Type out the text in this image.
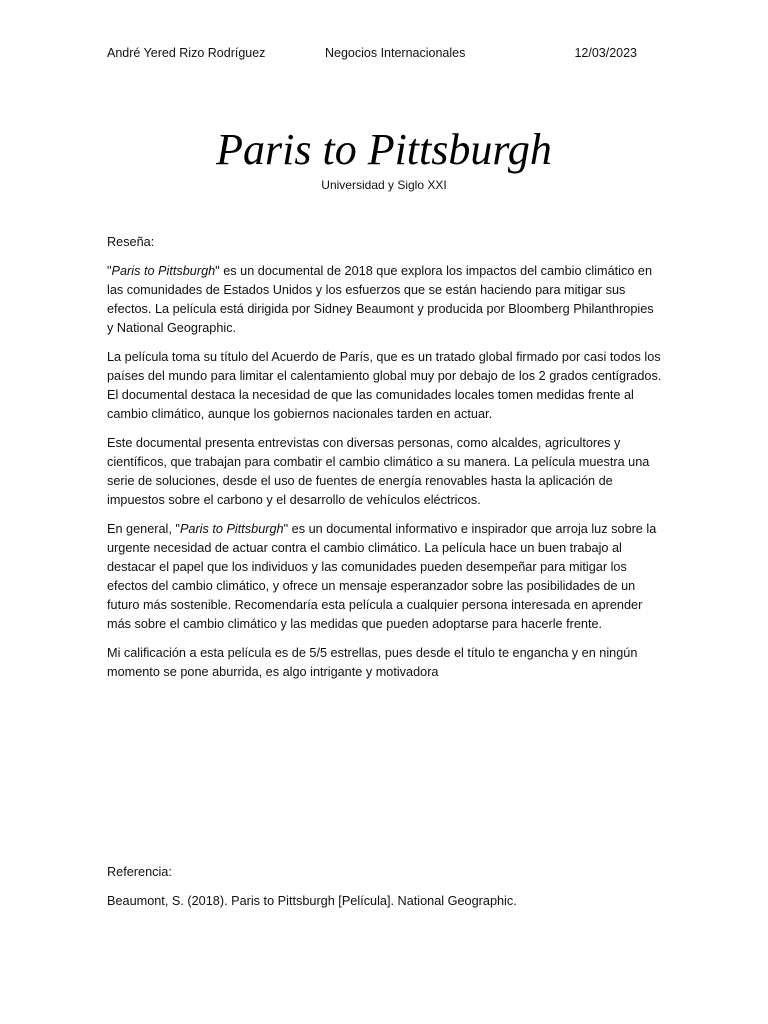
André Yered Rizo Rodríguez	Negocios Internacionales	12/03/2023
Paris to Pittsburgh
Universidad y Siglo XXI

Reseña:

"Paris to Pittsburgh" es un documental de 2018 que explora los impactos del cambio climático en las comunidades de Estados Unidos y los esfuerzos que se están haciendo para mitigar sus efectos. La película está dirigida por Sidney Beaumont y producida por Bloomberg Philanthropies y National Geographic.

La película toma su título del Acuerdo de París, que es un tratado global firmado por casi todos los países del mundo para limitar el calentamiento global muy por debajo de los 2 grados centígrados. El documental destaca la necesidad de que las comunidades locales tomen medidas frente al cambio climático, aunque los gobiernos nacionales tarden en actuar.

Este documental presenta entrevistas con diversas personas, como alcaldes, agricultores y científicos, que trabajan para combatir el cambio climático a su manera. La película muestra una serie de soluciones, desde el uso de fuentes de energía renovables hasta la aplicación de impuestos sobre el carbono y el desarrollo de vehículos eléctricos.

En general, "Paris to Pittsburgh" es un documental informativo e inspirador que arroja luz sobre la urgente necesidad de actuar contra el cambio climático. La película hace un buen trabajo al destacar el papel que los individuos y las comunidades pueden desempeñar para mitigar los efectos del cambio climático, y ofrece un mensaje esperanzador sobre las posibilidades de un futuro más sostenible. Recomendaría esta película a cualquier persona interesada en aprender más sobre el cambio climático y las medidas que pueden adoptarse para hacerle frente.

Mi calificación a esta película es de 5/5 estrellas, pues desde el título te engancha y en ningún momento se pone aburrida, es algo intrigante y motivadora

Referencia:

Beaumont, S. (2018). Paris to Pittsburgh [Película]. National Geographic.
